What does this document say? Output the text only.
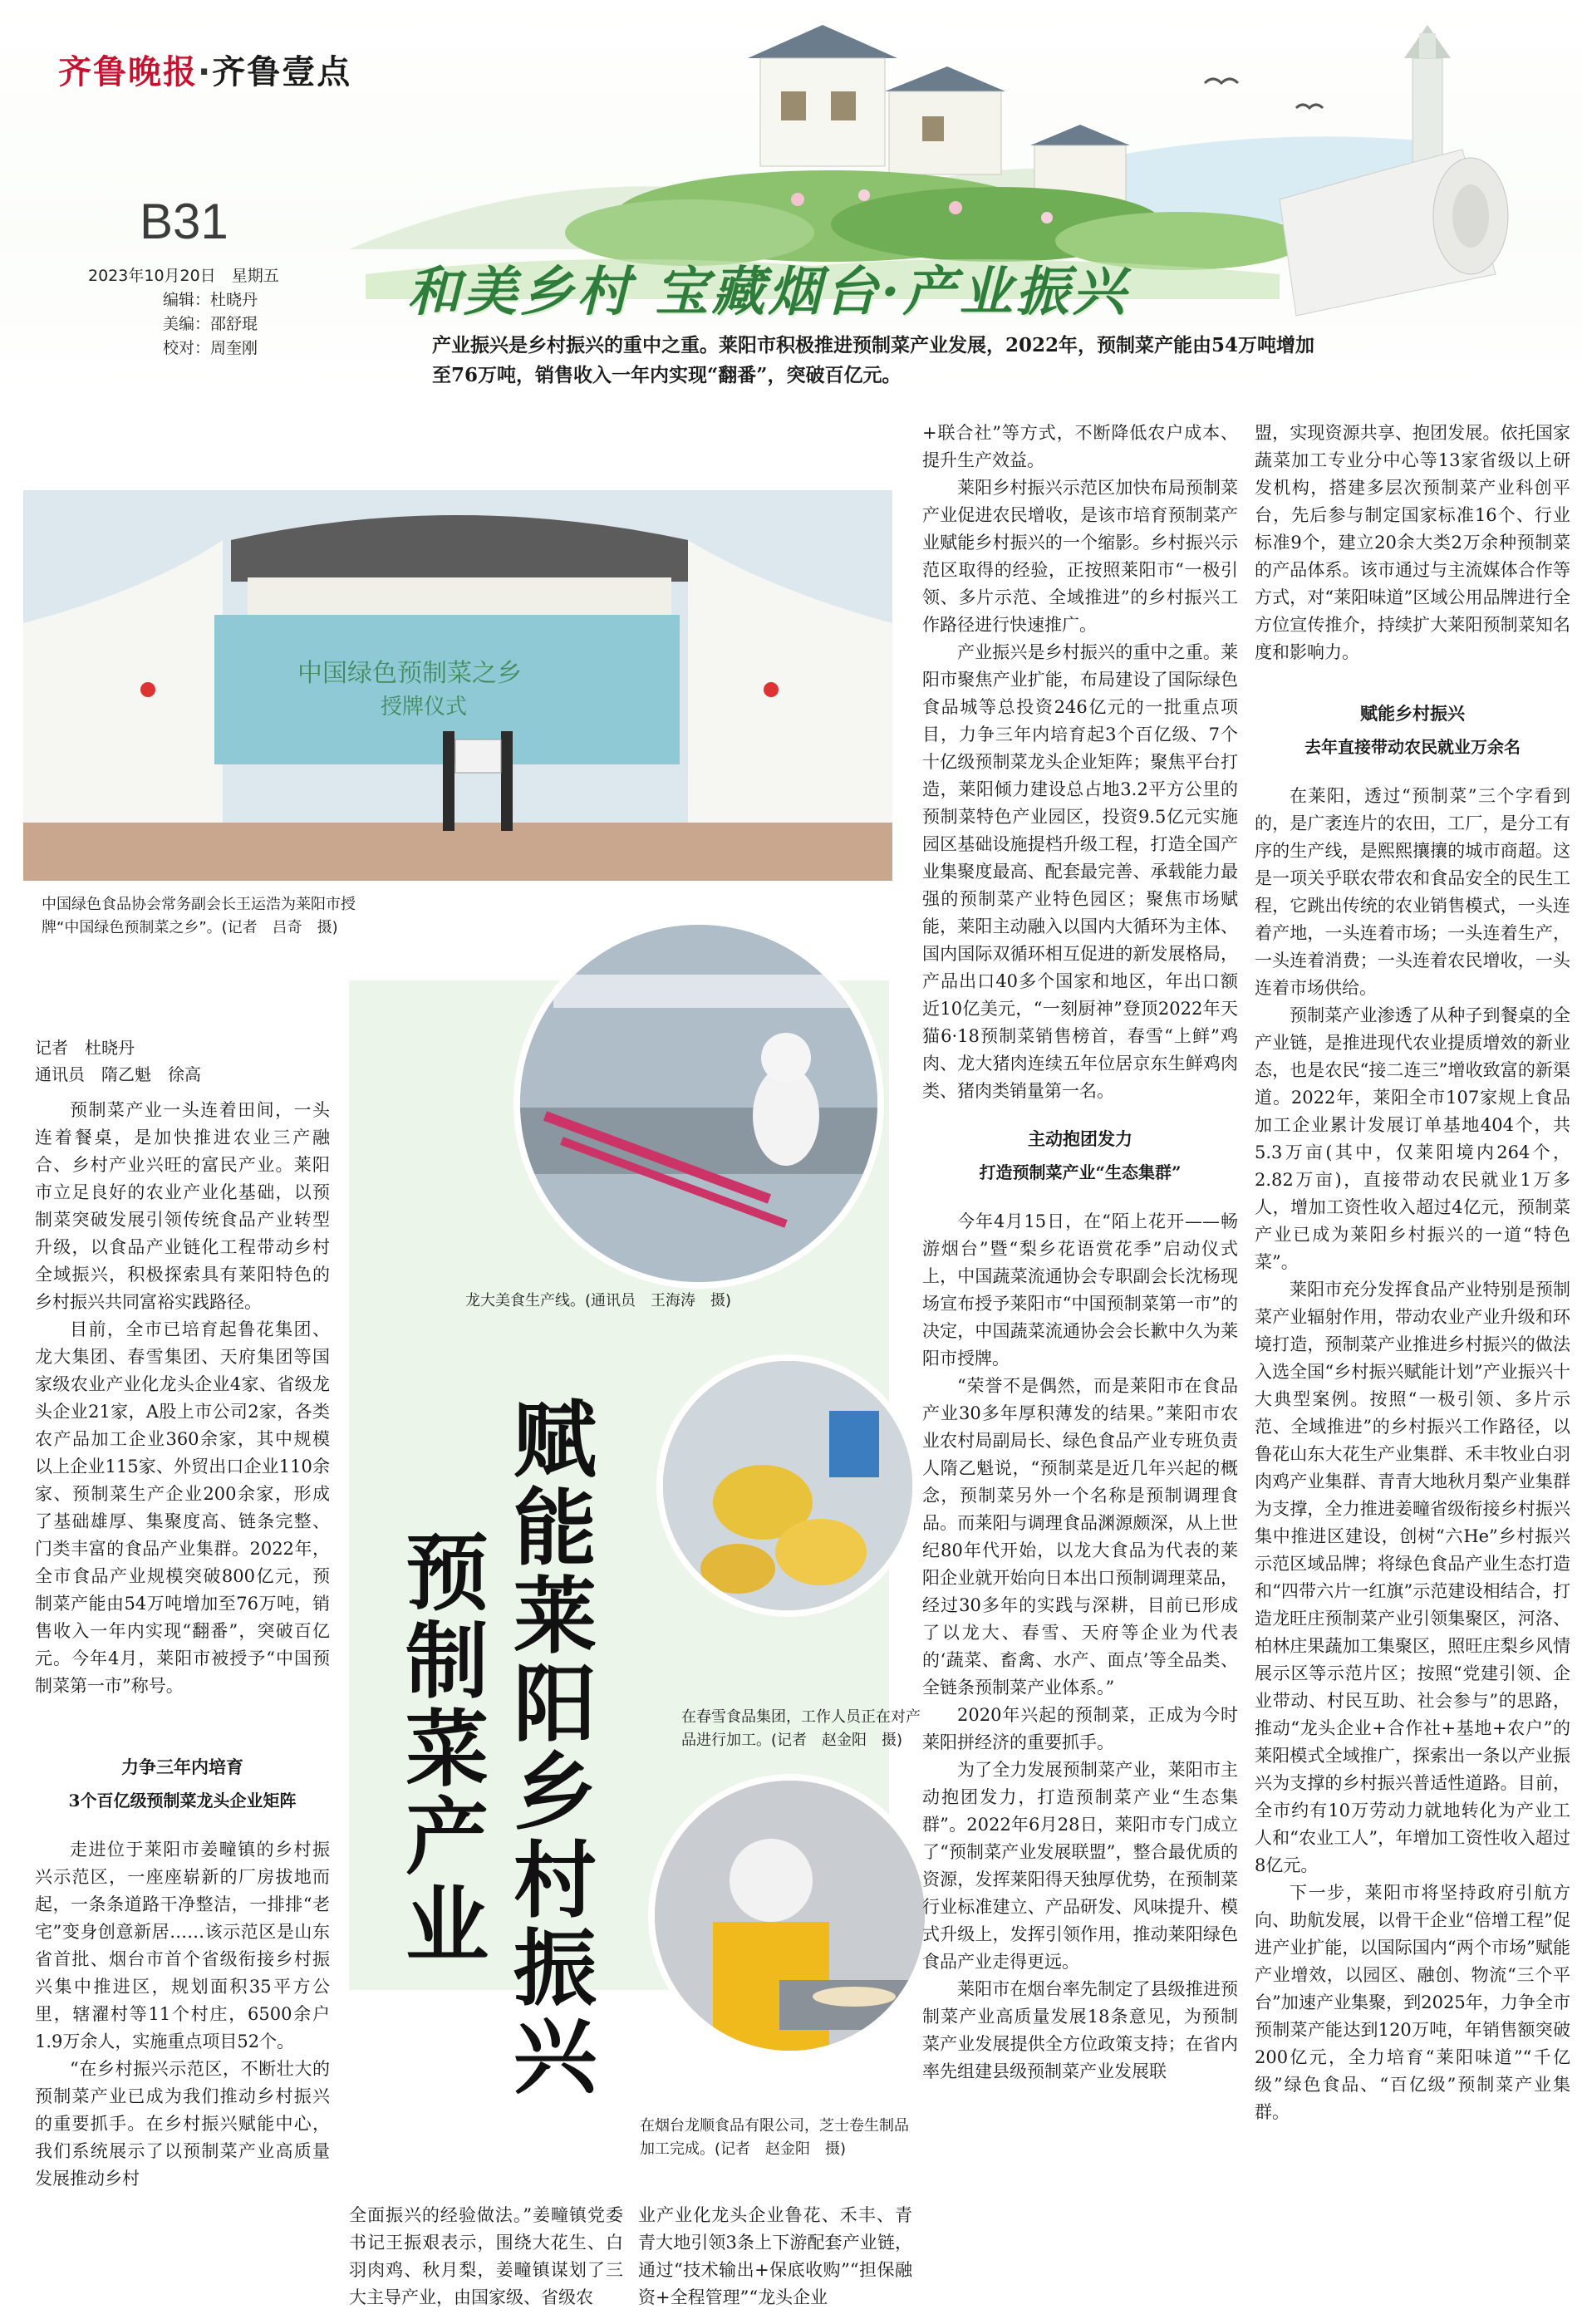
齐鲁晚报·齐鲁壹点
B31
2023年10月20日　星期五
编辑：杜晓丹
美编：邵舒琨
校对：周奎刚
和美乡村 宝藏烟台·产业振兴
产业振兴是乡村振兴的重中之重。莱阳市积极推进预制菜产业发展，2022年，预制菜产能由54万吨增加至76万吨，销售收入一年内实现“翻番”，突破百亿元。
赋能莱阳乡村振兴
预制菜产业
中国绿色预制菜之乡
授牌仪式
中国绿色食品协会常务副会长王运浩为莱阳市授牌“中国绿色预制菜之乡”。(记者　吕奇　摄)
龙大美食生产线。(通讯员　王海涛　摄)
在春雪食品集团，工作人员正在对产品进行加工。(记者　赵金阳　摄)
在烟台龙顺食品有限公司，芝士卷生制品加工完成。(记者　赵金阳　摄)
记者　杜晓丹
通讯员　隋乙魁　徐高

预制菜产业一头连着田间，一头连着餐桌，是加快推进农业三产融合、乡村产业兴旺的富民产业。莱阳市立足良好的农业产业化基础，以预制菜突破发展引领传统食品产业转型升级，以食品产业链化工程带动乡村全域振兴，积极探索具有莱阳特色的乡村振兴共同富裕实践路径。

目前，全市已培育起鲁花集团、龙大集团、春雪集团、天府集团等国家级农业产业化龙头企业4家、省级龙头企业21家，A股上市公司2家，各类农产品加工企业360余家，其中规模以上企业115家、外贸出口企业110余家、预制菜生产企业200余家，形成了基础雄厚、集聚度高、链条完整、门类丰富的食品产业集群。2022年，全市食品产业规模突破800亿元，预制菜产能由54万吨增加至76万吨，销售收入一年内实现“翻番”，突破百亿元。今年4月，莱阳市被授予“中国预制菜第一市”称号。

力争三年内培育
3个百亿级预制菜龙头企业矩阵

走进位于莱阳市姜疃镇的乡村振兴示范区，一座座崭新的厂房拔地而起，一条条道路干净整洁，一排排“老宅”变身创意新居……该示范区是山东省首批、烟台市首个省级衔接乡村振兴集中推进区，规划面积35平方公里，辖濯村等11个村庄，6500余户1.9万余人，实施重点项目52个。

“在乡村振兴示范区，不断壮大的预制菜产业已成为我们推动乡村振兴的重要抓手。在乡村振兴赋能中心，我们系统展示了以预制菜产业高质量发展推动乡村

全面振兴的经验做法。”姜疃镇党委书记王振艰表示，围绕大花生、白羽肉鸡、秋月梨，姜疃镇谋划了三大主导产业，由国家级、省级农

业产业化龙头企业鲁花、禾丰、青青大地引领3条上下游配套产业链，通过“技术输出+保底收购”“担保融资+全程管理”“龙头企业

+联合社”等方式，不断降低农户成本、提升生产效益。

莱阳乡村振兴示范区加快布局预制菜产业促进农民增收，是该市培育预制菜产业赋能乡村振兴的一个缩影。乡村振兴示范区取得的经验，正按照莱阳市“一极引领、多片示范、全域推进”的乡村振兴工作路径进行快速推广。

产业振兴是乡村振兴的重中之重。莱阳市聚焦产业扩能，布局建设了国际绿色食品城等总投资246亿元的一批重点项目，力争三年内培育起3个百亿级、7个十亿级预制菜龙头企业矩阵；聚焦平台打造，莱阳倾力建设总占地3.2平方公里的预制菜特色产业园区，投资9.5亿元实施园区基础设施提档升级工程，打造全国产业集聚度最高、配套最完善、承载能力最强的预制菜产业特色园区；聚焦市场赋能，莱阳主动融入以国内大循环为主体、国内国际双循环相互促进的新发展格局，产品出口40多个国家和地区，年出口额近10亿美元，“一刻厨神”登顶2022年天猫6·18预制菜销售榜首，春雪“上鲜”鸡肉、龙大猪肉连续五年位居京东生鲜鸡肉类、猪肉类销量第一名。

主动抱团发力
打造预制菜产业“生态集群”

今年4月15日，在“陌上花开——畅游烟台”暨“梨乡花语赏花季”启动仪式上，中国蔬菜流通协会专职副会长沈杨现场宣布授予莱阳市“中国预制菜第一市”的决定，中国蔬菜流通协会会长歉中久为莱阳市授牌。

“荣誉不是偶然，而是莱阳市在食品产业30多年厚积薄发的结果。”莱阳市农业农村局副局长、绿色食品产业专班负责人隋乙魁说，“预制菜是近几年兴起的概念，预制菜另外一个名称是预制调理食品。而莱阳与调理食品渊源颇深，从上世纪80年代开始，以龙大食品为代表的莱阳企业就开始向日本出口预制调理菜品，经过30多年的实践与深耕，目前已形成了以龙大、春雪、天府等企业为代表的‘蔬菜、畜禽、水产、面点’等全品类、全链条预制菜产业体系。”

2020年兴起的预制菜，正成为今时莱阳拼经济的重要抓手。

为了全力发展预制菜产业，莱阳市主动抱团发力，打造预制菜产业“生态集群”。2022年6月28日，莱阳市专门成立了“预制菜产业发展联盟”，整合最优质的资源，发挥莱阳得天独厚优势，在预制菜行业标准建立、产品研发、风味提升、模式升级上，发挥引领作用，推动莱阳绿色食品产业走得更远。

莱阳市在烟台率先制定了县级推进预制菜产业高质量发展18条意见，为预制菜产业发展提供全方位政策支持；在省内率先组建县级预制菜产业发展联

盟，实现资源共享、抱团发展。依托国家蔬菜加工专业分中心等13家省级以上研发机构，搭建多层次预制菜产业科创平台，先后参与制定国家标准16个、行业标准9个，建立20余大类2万余种预制菜的产品体系。该市通过与主流媒体合作等方式，对“莱阳味道”区域公用品牌进行全方位宣传推介，持续扩大莱阳预制菜知名度和影响力。

赋能乡村振兴
去年直接带动农民就业万余名

在莱阳，透过“预制菜”三个字看到的，是广袤连片的农田，工厂，是分工有序的生产线，是熙熙攘攘的城市商超。这是一项关乎联农带农和食品安全的民生工程，它跳出传统的农业销售模式，一头连着产地，一头连着市场；一头连着生产，一头连着消费；一头连着农民增收，一头连着市场供给。

预制菜产业渗透了从种子到餐桌的全产业链，是推进现代农业提质增效的新业态，也是农民“接二连三”增收致富的新渠道。2022年，莱阳全市107家规上食品加工企业累计发展订单基地404个，共5.3万亩(其中，仅莱阳境内264个，2.82万亩)，直接带动农民就业1万多人，增加工资性收入超过4亿元，预制菜产业已成为莱阳乡村振兴的一道“特色菜”。

莱阳市充分发挥食品产业特别是预制菜产业辐射作用，带动农业产业升级和环境打造，预制菜产业推进乡村振兴的做法入选全国“乡村振兴赋能计划”产业振兴十大典型案例。按照“一极引领、多片示范、全域推进”的乡村振兴工作路径，以鲁花山东大花生产业集群、禾丰牧业白羽肉鸡产业集群、青青大地秋月梨产业集群为支撑，全力推进姜疃省级衔接乡村振兴集中推进区建设，创树“六He”乡村振兴示范区域品牌；将绿色食品产业生态打造和“四带六片一红旗”示范建设相结合，打造龙旺庄预制菜产业引领集聚区，河洛、柏林庄果蔬加工集聚区，照旺庄梨乡风情展示区等示范片区；按照“党建引领、企业带动、村民互助、社会参与”的思路，推动“龙头企业+合作社+基地+农户”的莱阳模式全域推广，探索出一条以产业振兴为支撑的乡村振兴普适性道路。目前，全市约有10万劳动力就地转化为产业工人和“农业工人”，年增加工资性收入超过8亿元。

下一步，莱阳市将坚持政府引航方向、助航发展，以骨干企业“倍增工程”促进产业扩能，以国际国内“两个市场”赋能产业增效，以园区、融创、物流“三个平台”加速产业集聚，到2025年，力争全市预制菜产能达到120万吨，年销售额突破200亿元，全力培育“莱阳味道”“千亿级”绿色食品、“百亿级”预制菜产业集群。
